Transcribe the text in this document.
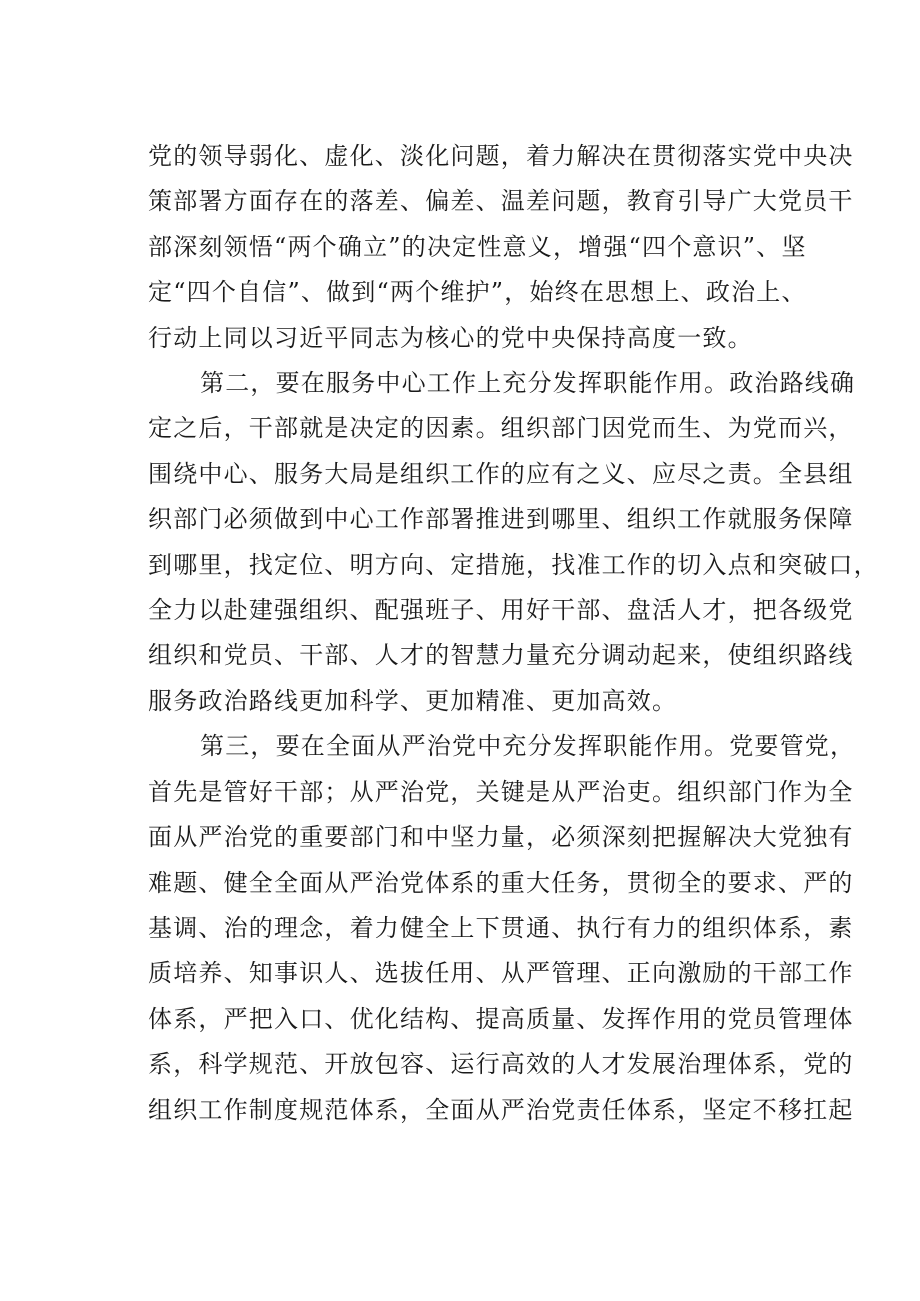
党的领导弱化、虚化、淡化问题，着力解决在贯彻落实党中央决
策部署方面存在的落差、偏差、温差问题，教育引导广大党员干
部深刻领悟“两个确立”的决定性意义，增强“四个意识”、坚
定“四个自信”、做到“两个维护”，始终在思想上、政治上、
行动上同以习近平同志为核心的党中央保持高度一致。
第二，要在服务中心工作上充分发挥职能作用。政治路线确
定之后，干部就是决定的因素。组织部门因党而生、为党而兴，
围绕中心、服务大局是组织工作的应有之义、应尽之责。全县组
织部门必须做到中心工作部署推进到哪里、组织工作就服务保障
到哪里，找定位、明方向、定措施，找准工作的切入点和突破口，
全力以赴建强组织、配强班子、用好干部、盘活人才，把各级党
组织和党员、干部、人才的智慧力量充分调动起来，使组织路线
服务政治路线更加科学、更加精准、更加高效。
第三，要在全面从严治党中充分发挥职能作用。党要管党，
首先是管好干部；从严治党，关键是从严治吏。组织部门作为全
面从严治党的重要部门和中坚力量，必须深刻把握解决大党独有
难题、健全全面从严治党体系的重大任务，贯彻全的要求、严的
基调、治的理念，着力健全上下贯通、执行有力的组织体系，素
质培养、知事识人、选拔任用、从严管理、正向激励的干部工作
体系，严把入口、优化结构、提高质量、发挥作用的党员管理体
系，科学规范、开放包容、运行高效的人才发展治理体系，党的
组织工作制度规范体系，全面从严治党责任体系，坚定不移扛起
